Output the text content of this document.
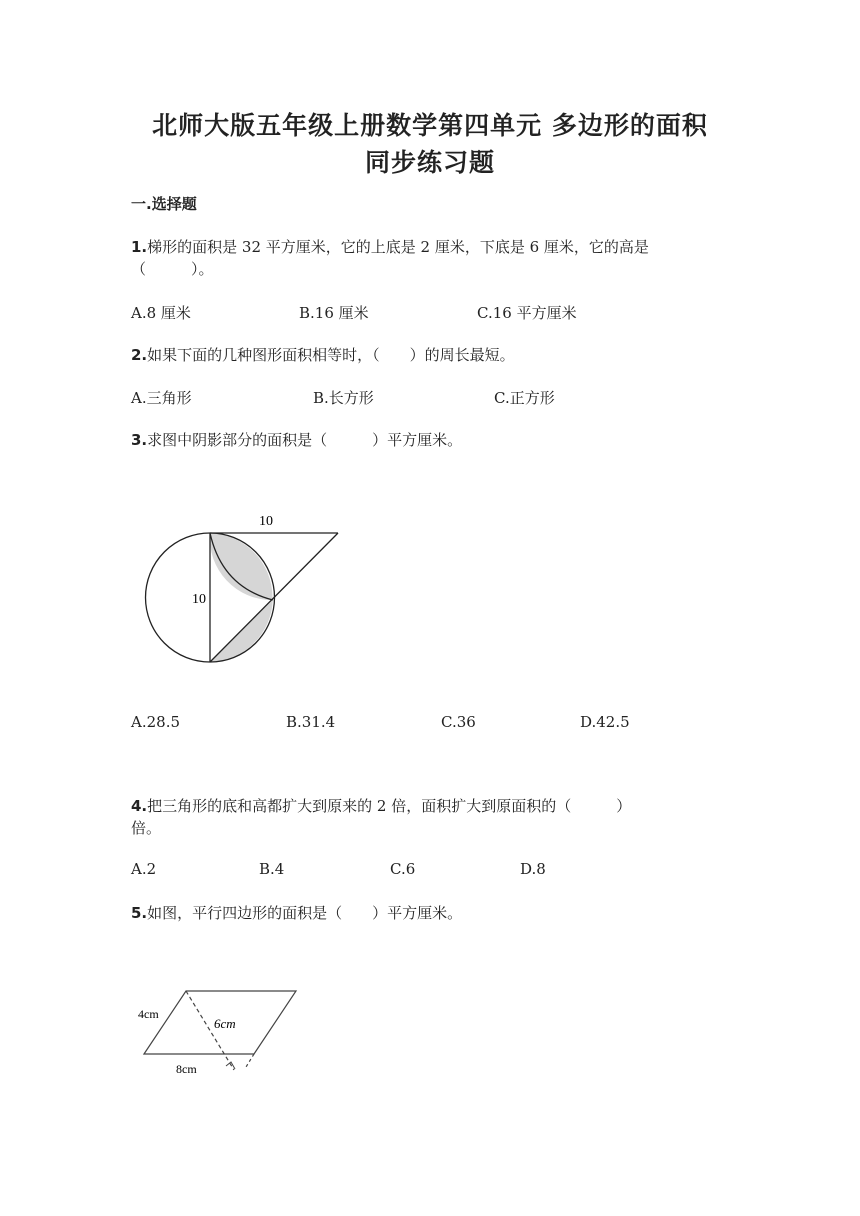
北师大版五年级上册数学第四单元 多边形的面积
同步练习题
一.选择题
1.梯形的面积是 32 平方厘米，它的上底是 2 厘米，下底是 6 厘米，它的高是
（　　　）。
A.8 厘米	B.16 厘米	C.16 平方厘米
2.如果下面的几种图形面积相等时，（　　）的周长最短。
A.三角形	B.长方形	C.正方形
3.求图中阴影部分的面积是（　　　）平方厘米。
10
10
A.28.5	B.31.4	C.36	D.42.5
4.把三角形的底和高都扩大到原来的 2 倍，面积扩大到原面积的（　　　）
倍。
A.2	B.4	C.6	D.8
5.如图，平行四边形的面积是（　　）平方厘米。
4cm
6cm
8cm
